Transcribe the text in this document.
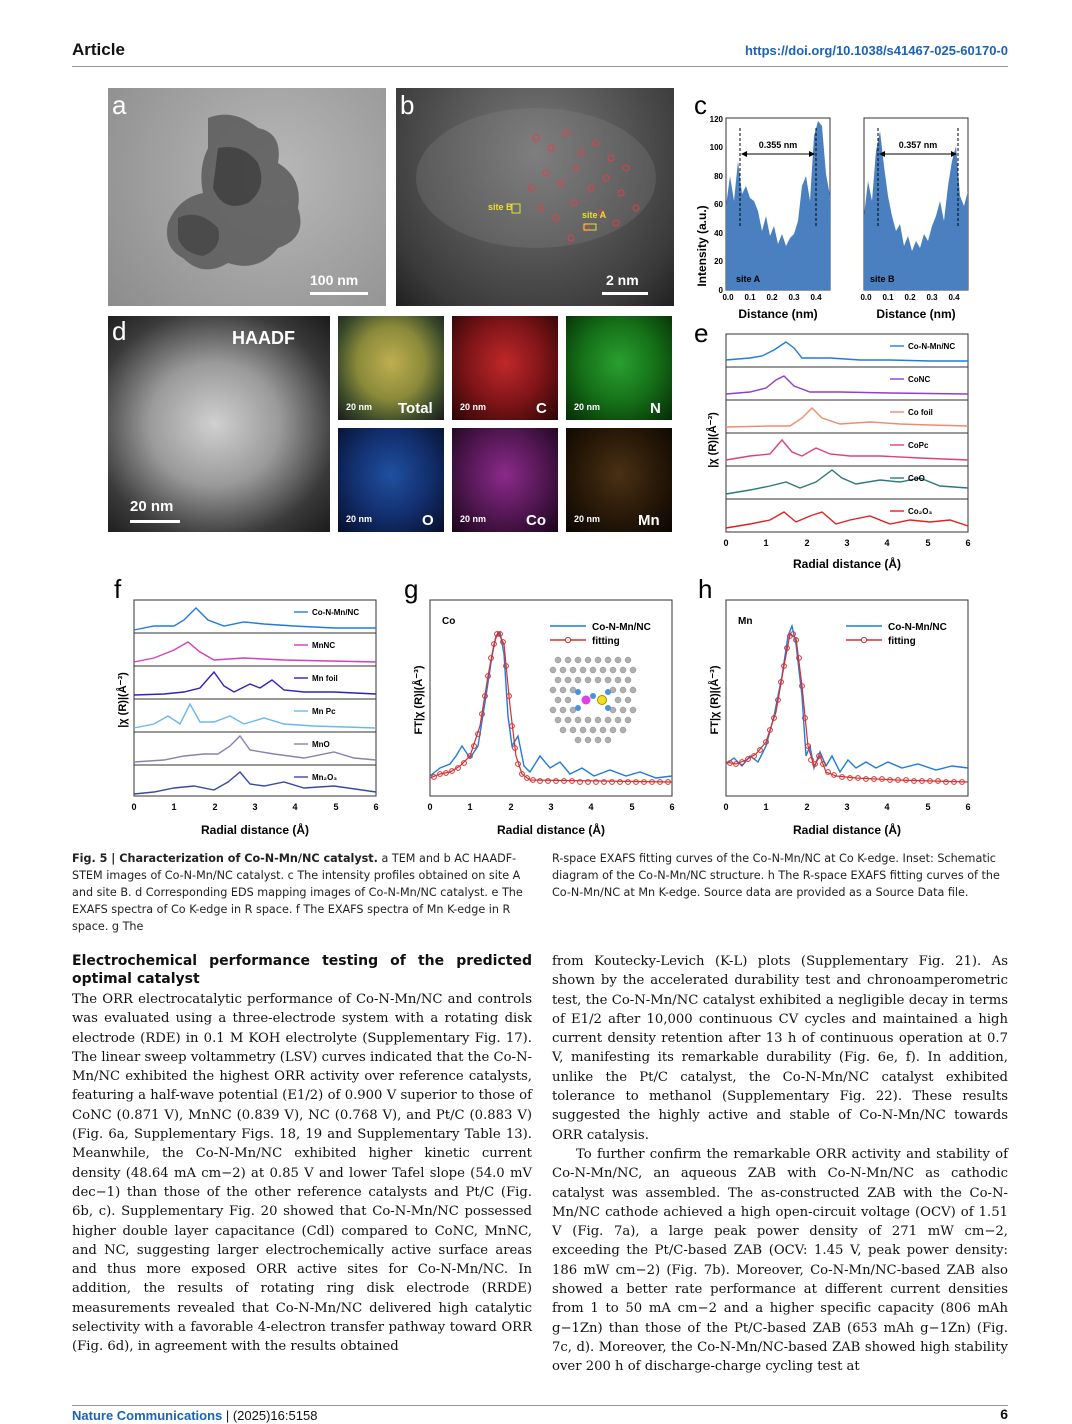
Article	https://doi.org/10.1038/s41467-025-60170-0
a
100 nm
b
site B
site A
2 nm
c
Intensity (a.u.)
0.355 nm
site A
0
20
40
60
80
100
120
0.0 0.1 0.2 0.3 0.4
Distance (nm)
0.357 nm
site B
0.0 0.1 0.2 0.3 0.4
Distance (nm)
d	HAADF
20 nm
20 nm Total	20 nm	C	20 nm	N
20 nm	O	20 nm	Co	20 nm	Mn
e
|χ (R)|(Å⁻³)
Co-N-Mn/NC
CoNC
Co foil
CoPc
CoO
Co₂O₃
0	1	2	3	4	5	6
Radial distance (Å)
f
|χ (R)|(Å⁻³)
Co-N-Mn/NC
MnNC
Mn foil
Mn Pc
MnO
Mn₂O₃
0	1	2	3	4	5	6
Radial distance (Å)
g
FT|χ (R)|(Å⁻³)
Co
Co-N-Mn/NC
fitting
0	1	2	3	4	5	6
Radial distance (Å)
h
FT|χ (R)|(Å⁻³)
Mn
Co-N-Mn/NC
fitting
0	1	2	3	4	5	6
Radial distance (Å)
Fig. 5 | Characterization of Co-N-Mn/NC catalyst. a TEM and b AC HAADF-STEM images of Co-N-Mn/NC catalyst. c The intensity profiles obtained on site A and site B. d Corresponding EDS mapping images of Co-N-Mn/NC catalyst. e The EXAFS spectra of Co K-edge in R space. f The EXAFS spectra of Mn K-edge in R space. g The
R-space EXAFS fitting curves of the Co-N-Mn/NC at Co K-edge. Inset: Schematic diagram of the Co-N-Mn/NC structure. h The R-space EXAFS fitting curves of the Co-N-Mn/NC at Mn K-edge. Source data are provided as a Source Data file.
Electrochemical performance testing of the predicted optimal catalyst

The ORR electrocatalytic performance of Co-N-Mn/NC and controls was evaluated using a three-electrode system with a rotating disk electrode (RDE) in 0.1 M KOH electrolyte (Supplementary Fig. 17). The linear sweep voltammetry (LSV) curves indicated that the Co-N-Mn/NC exhibited the highest ORR activity over reference catalysts, featuring a half-wave potential (E1/2) of 0.900 V superior to those of CoNC (0.871 V), MnNC (0.839 V), NC (0.768 V), and Pt/C (0.883 V) (Fig. 6a, Supplementary Figs. 18, 19 and Supplementary Table 13). Meanwhile, the Co-N-Mn/NC exhibited higher kinetic current density (48.64 mA cm−2) at 0.85 V and lower Tafel slope (54.0 mV dec−1) than those of the other reference catalysts and Pt/C (Fig. 6b, c). Supplementary Fig. 20 showed that Co-N-Mn/NC possessed higher double layer capacitance (Cdl) compared to CoNC, MnNC, and NC, suggesting larger electrochemically active surface areas and thus more exposed ORR active sites for Co-N-Mn/NC. In addition, the results of rotating ring disk electrode (RRDE) measurements revealed that Co-N-Mn/NC delivered high catalytic selectivity with a favorable 4-electron transfer pathway toward ORR (Fig. 6d), in agreement with the results obtained

from Koutecky-Levich (K-L) plots (Supplementary Fig. 21). As shown by the accelerated durability test and chronoamperometric test, the Co-N-Mn/NC catalyst exhibited a negligible decay in terms of E1/2 after 10,000 continuous CV cycles and maintained a high current density retention after 13 h of continuous operation at 0.7 V, manifesting its remarkable durability (Fig. 6e, f). In addition, unlike the Pt/C catalyst, the Co-N-Mn/NC catalyst exhibited tolerance to methanol (Supplementary Fig. 22). These results suggested the highly active and stable of Co-N-Mn/NC towards ORR catalysis.

To further confirm the remarkable ORR activity and stability of Co-N-Mn/NC, an aqueous ZAB with Co-N-Mn/NC as cathodic catalyst was assembled. The as-constructed ZAB with the Co-N-Mn/NC cathode achieved a high open-circuit voltage (OCV) of 1.51 V (Fig. 7a), a large peak power density of 271 mW cm−2, exceeding the Pt/C-based ZAB (OCV: 1.45 V, peak power density: 186 mW cm−2) (Fig. 7b). Moreover, Co-N-Mn/NC-based ZAB also showed a better rate performance at different current densities from 1 to 50 mA cm−2 and a higher specific capacity (806 mAh g−1Zn) than those of the Pt/C-based ZAB (653 mAh g−1Zn) (Fig. 7c, d). Moreover, the Co-N-Mn/NC-based ZAB showed high stability over 200 h of discharge-charge cycling test at

Nature Communications | (2025)16:5158	6
